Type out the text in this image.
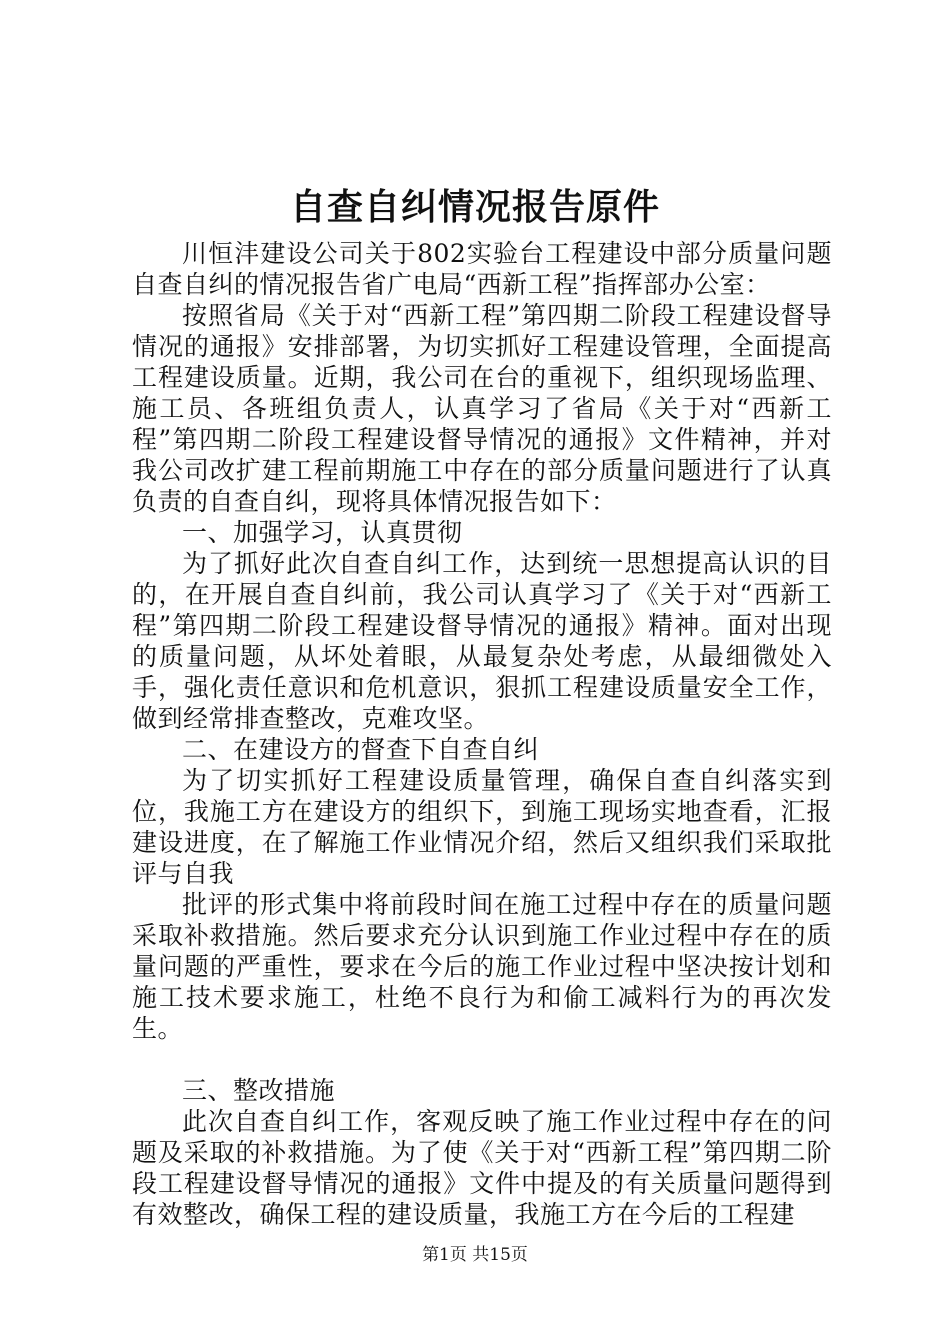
自查自纠情况报告原件

川恒沣建设公司关于802实验台工程建设中部分质量问题自查自纠的情况报告省广电局“西新工程”指挥部办公室：

按照省局《关于对“西新工程”第四期二阶段工程建设督导情况的通报》安排部署，为切实抓好工程建设管理，全面提高工程建设质量。近期，我公司在台的重视下，组织现场监理、施工员、各班组负责人，认真学习了省局《关于对“西新工程”第四期二阶段工程建设督导情况的通报》文件精神，并对我公司改扩建工程前期施工中存在的部分质量问题进行了认真负责的自查自纠，现将具体情况报告如下：

一、加强学习，认真贯彻

为了抓好此次自查自纠工作，达到统一思想提高认识的目的，在开展自查自纠前，我公司认真学习了《关于对“西新工程”第四期二阶段工程建设督导情况的通报》精神。面对出现的质量问题，从坏处着眼，从最复杂处考虑，从最细微处入手，强化责任意识和危机意识，狠抓工程建设质量安全工作，做到经常排查整改，克难攻坚。

二、在建设方的督查下自查自纠

为了切实抓好工程建设质量管理，确保自查自纠落实到位，我施工方在建设方的组织下，到施工现场实地查看，汇报建设进度，在了解施工作业情况介绍，然后又组织我们采取批评与自我

批评的形式集中将前段时间在施工过程中存在的质量问题采取补救措施。然后要求充分认识到施工作业过程中存在的质量问题的严重性，要求在今后的施工作业过程中坚决按计划和施工技术要求施工，杜绝不良行为和偷工减料行为的再次发生。

三、整改措施

此次自查自纠工作，客观反映了施工作业过程中存在的问题及采取的补救措施。为了使《关于对“西新工程”第四期二阶段工程建设督导情况的通报》文件中提及的有关质量问题得到有效整改，确保工程的建设质量，我施工方在今后的工程建

第1页 共15页
